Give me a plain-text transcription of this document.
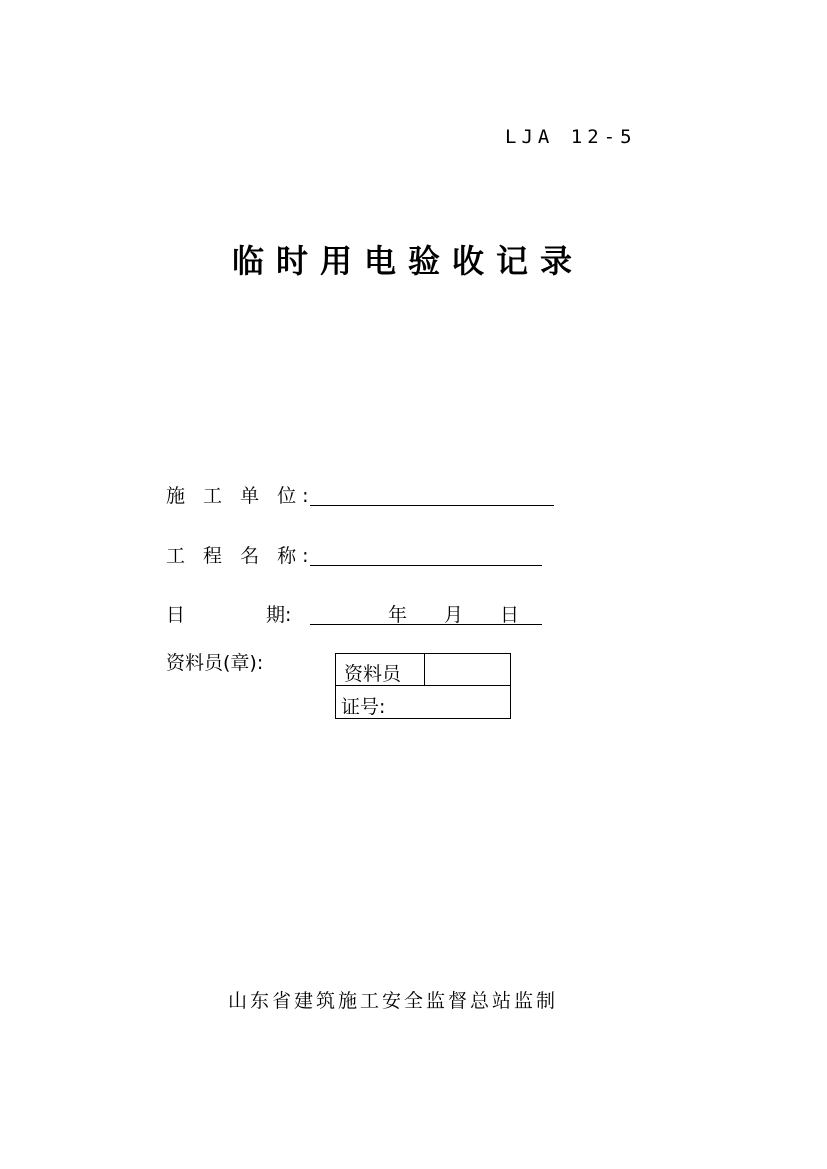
LJA 12-5
临时用电验收记录
施 工 单 位:
工 程 名 称:
日	期:	年 月 日
资料员(章):	资料员
证号:
山东省建筑施工安全监督总站监制
